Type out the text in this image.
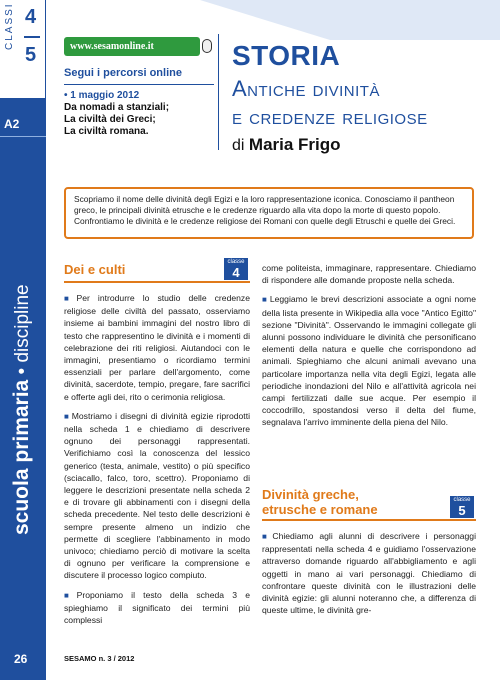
CLASSI 4
5
A2
scuola primaria • discipline
26
www.sesamonline.it
Segui i percorsi online
• 1 maggio 2012
Da nomadi a stanziali;
La civiltà dei Greci;
La civiltà romana.
STORIA
Antiche divinità
e credenze religiose
di Maria Frigo
Scopriamo il nome delle divinità degli Egizi e la loro rappresentazione iconica. Conosciamo il pantheon greco, le principali divinità etrusche e le credenze riguardo alla vita dopo la morte di questo popolo. Confrontiamo le divinità e le credenze religiose dei Romani con quelle degli Etruschi e quelle dei Greci.
Dei e culti	classe
4

■ Per introdurre lo studio delle credenze religiose delle civiltà del passato, osserviamo insieme ai bambini immagini del nostro libro di testo che rappresentino le divinità e i momenti di celebrazione dei riti religiosi. Aiutandoci con le immagini, presentiamo o ricordiamo termini essenziali per parlare dell'argomento, come divinità, sacerdote, tempio, pregare, fare sacrifici e offerte agli dei, rito o cerimonia religiosa.

■ Mostriamo i disegni di divinità egizie riprodotti nella scheda 1 e chiediamo di descrivere ognuno dei personaggi rappresentati. Verifichiamo così la conoscenza del lessico generico (testa, animale, vestito) o più specifico (sciacallo, falco, toro, scettro). Proponiamo di leggere le descrizioni presentate nella scheda 2 e di trovare gli abbinamenti con i disegni della scheda precedente. Nel testo delle descrizioni è sempre presente almeno un indizio che permette di scegliere l'abbinamento in modo univoco; chiediamo perciò di motivare la scelta di ognuno per verificare la comprensione e discutere il processo logico compiuto.

■ Proponiamo il testo della scheda 3 e spieghiamo il significato dei termini più complessi

come politeista, immaginare, rappresentare. Chiediamo di rispondere alle domande proposte nella scheda.

■ Leggiamo le brevi descrizioni associate a ogni nome della lista presente in Wikipedia alla voce "Antico Egitto" sezione "Divinità". Osservando le immagini collegate gli alunni possono individuare le divinità che personificano elementi della natura e quelle che corrispondono ad animali. Spieghiamo che alcuni animali avevano una particolare importanza nella vita degli Egizi, legata alle periodiche inondazioni del Nilo e all'attività agricola nei campi fertilizzati dalle sue acque. Per esempio il coccodrillo, spostandosi verso il delta del fiume, segnalava l'arrivo imminente della piena del Nilo.

Divinità greche,
etrusche e romane
classe
5

■ Chiediamo agli alunni di descrivere i personaggi rappresentati nella scheda 4 e guidiamo l'osservazione attraverso domande riguardo all'abbigliamento e agli oggetti in mano ai vari personaggi. Chiediamo di confrontare queste divinità con le illustrazioni delle divinità egizie: gli alunni noteranno che, a differenza di queste ultime, le divinità gre-

SESAMO n. 3 / 2012
